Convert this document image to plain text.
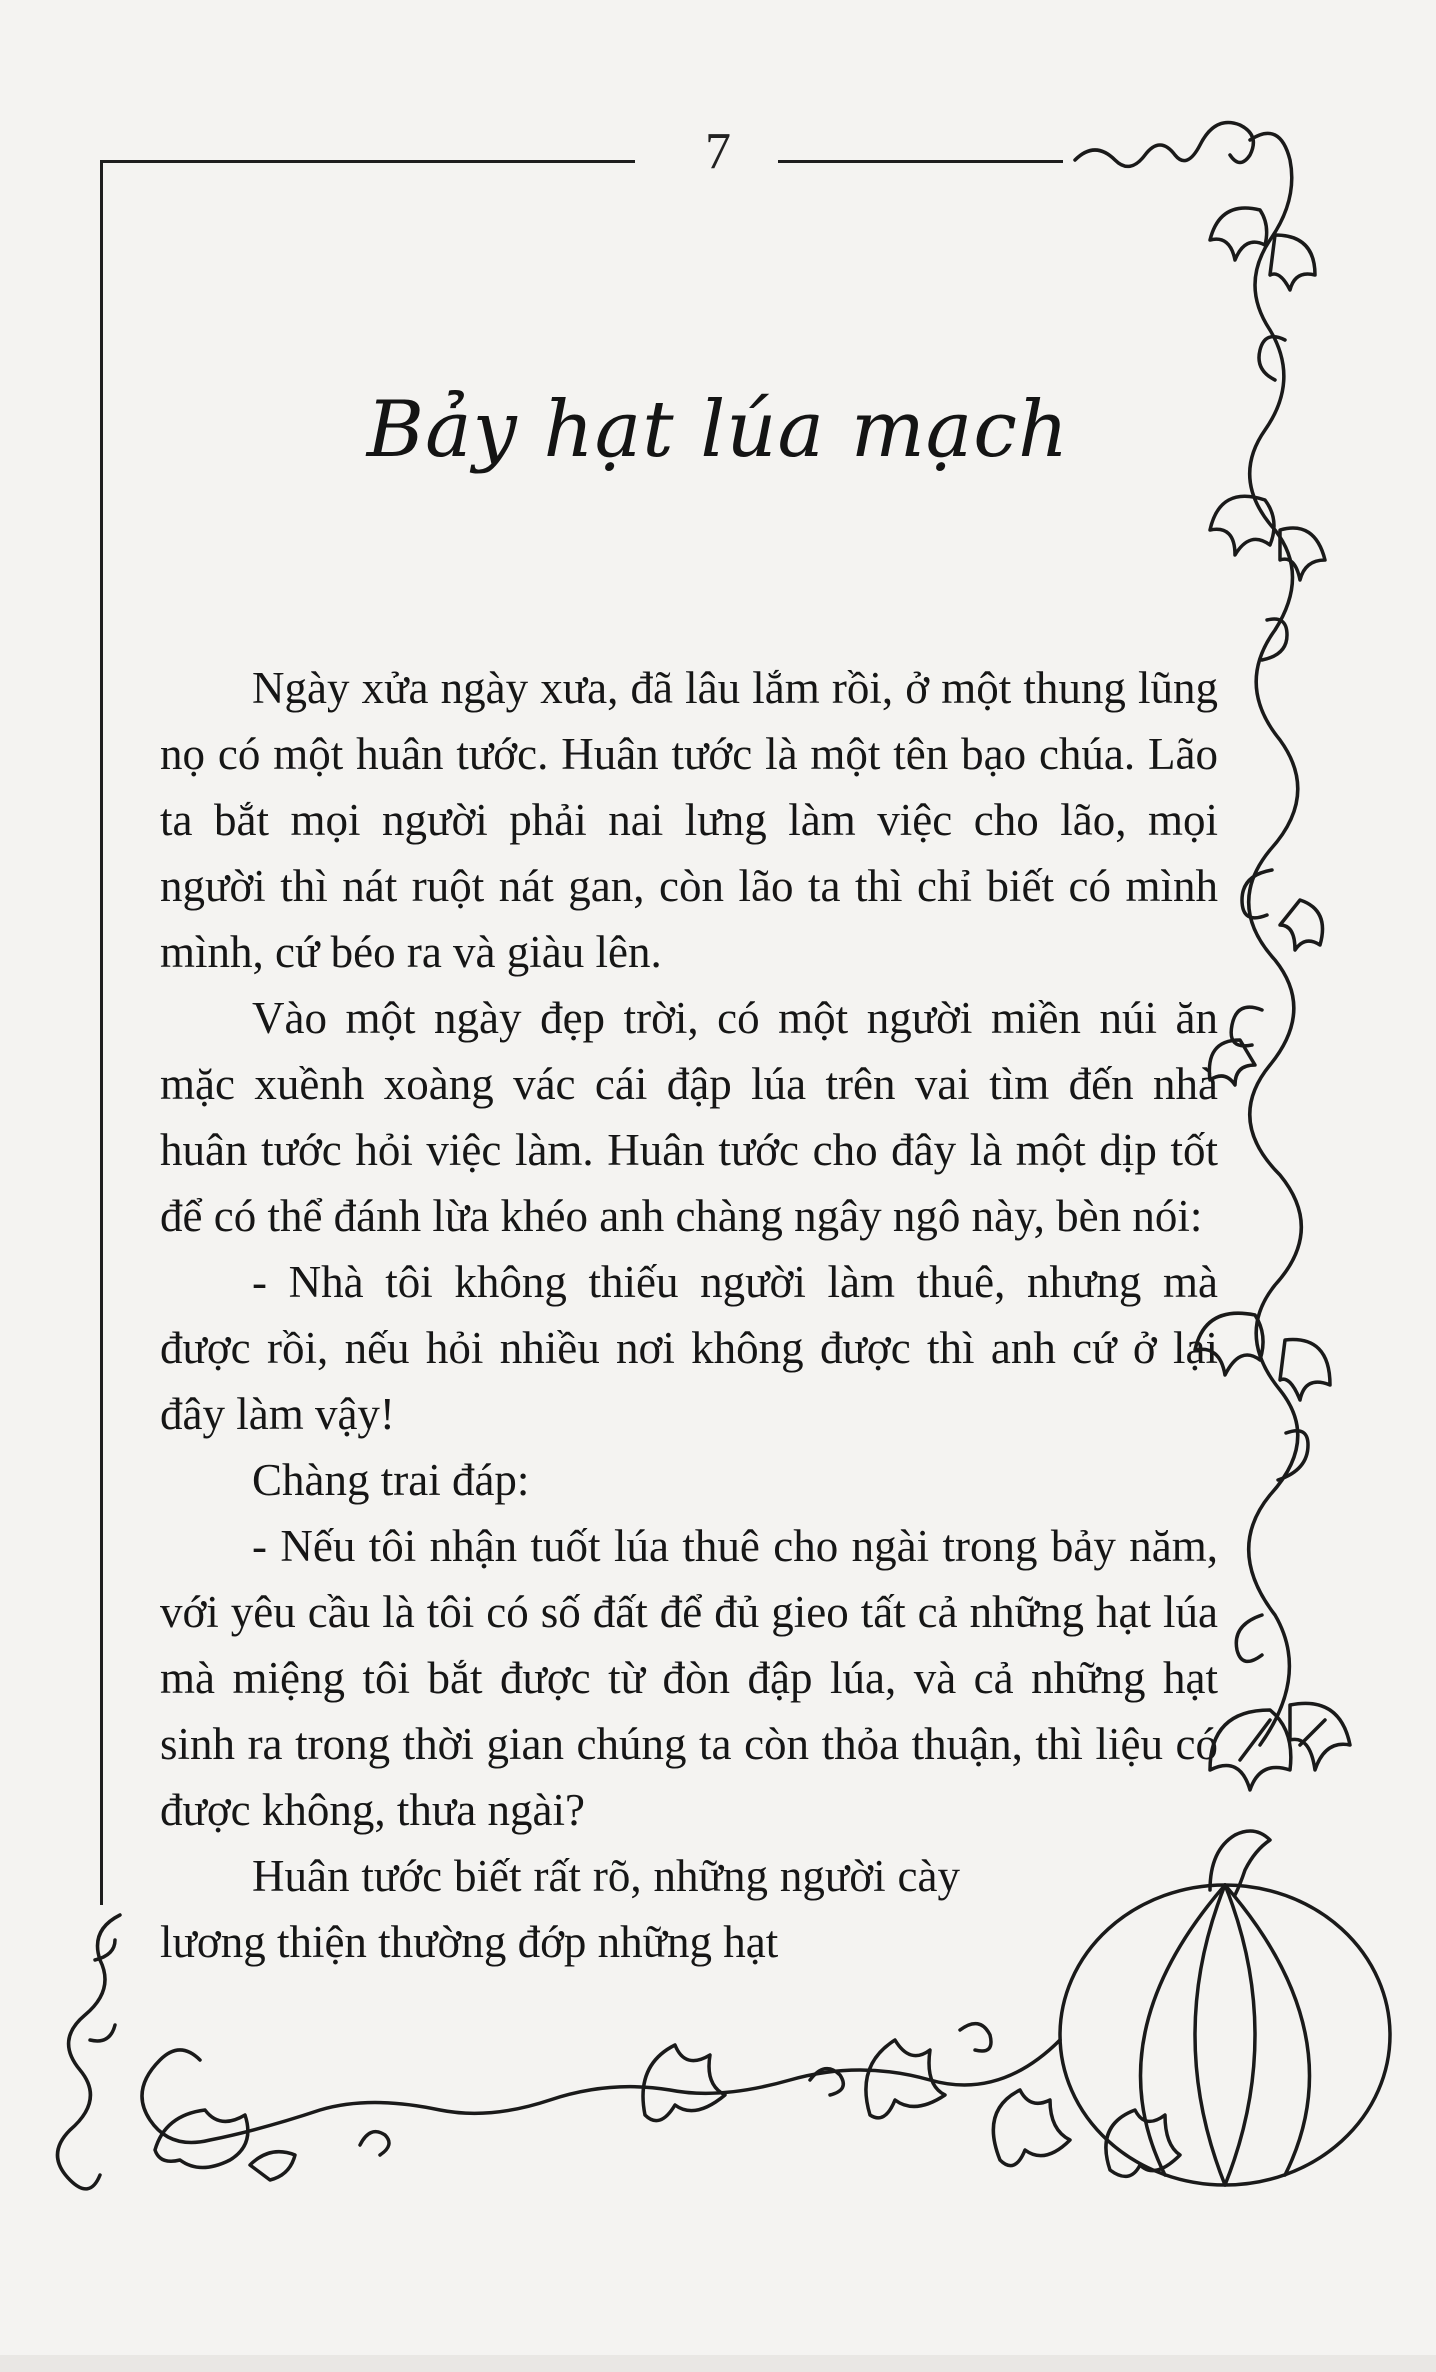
7
Bảy hạt lúa mạch

Ngày xửa ngày xưa, đã lâu lắm rồi, ở một thung lũng nọ có một huân tước. Huân tước là một tên bạo chúa. Lão ta bắt mọi người phải nai lưng làm việc cho lão, mọi người thì nát ruột nát gan, còn lão ta thì chỉ biết có mình mình, cứ béo ra và giàu lên.

Vào một ngày đẹp trời, có một người miền núi ăn mặc xuềnh xoàng vác cái đập lúa trên vai tìm đến nhà huân tước hỏi việc làm. Huân tước cho đây là một dịp tốt để có thể đánh lừa khéo anh chàng ngây ngô này, bèn nói:

- Nhà tôi không thiếu người làm thuê, nhưng mà được rồi, nếu hỏi nhiều nơi không được thì anh cứ ở lại đây làm vậy!

Chàng trai đáp:

- Nếu tôi nhận tuốt lúa thuê cho ngài trong bảy năm, với yêu cầu là tôi có số đất để đủ gieo tất cả những hạt lúa mà miệng tôi bắt được từ đòn đập lúa, và cả những hạt sinh ra trong thời gian chúng ta còn thỏa thuận, thì liệu có được không, thưa ngài?

Huân tước biết rất rõ, những người cày lương thiện thường đớp những hạt
